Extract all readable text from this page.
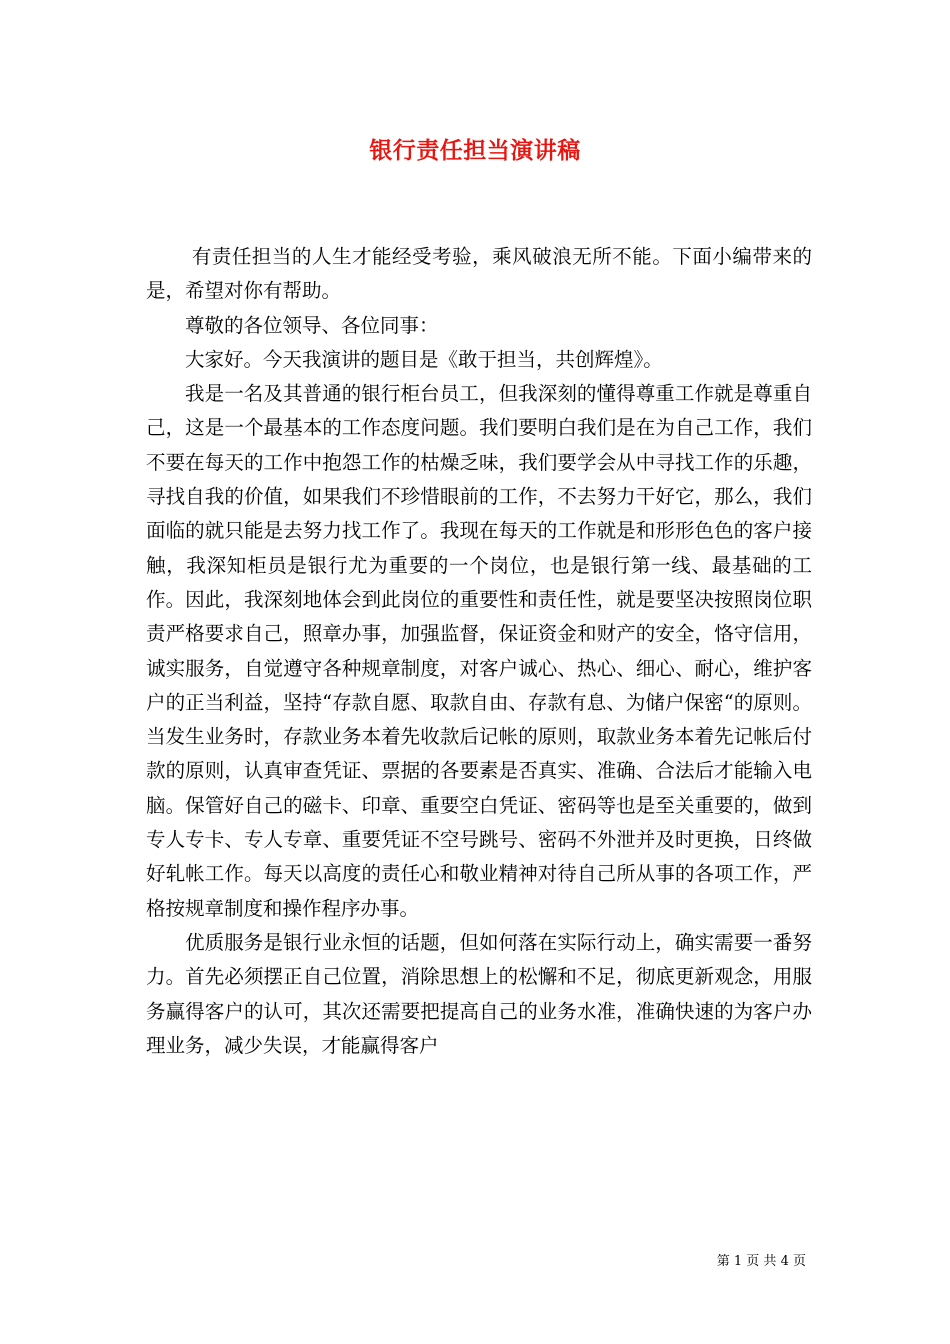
银行责任担当演讲稿

有责任担当的人生才能经受考验，乘风破浪无所不能。下面小编带来的是，希望对你有帮助。

尊敬的各位领导、各位同事：

大家好。今天我演讲的题目是《敢于担当，共创辉煌》。

我是一名及其普通的银行柜台员工，但我深刻的懂得尊重工作就是尊重自己，这是一个最基本的工作态度问题。我们要明白我们是在为自己工作，我们不要在每天的工作中抱怨工作的枯燥乏味，我们要学会从中寻找工作的乐趣，寻找自我的价值，如果我们不珍惜眼前的工作，不去努力干好它，那么，我们面临的就只能是去努力找工作了。我现在每天的工作就是和形形色色的客户接触，我深知柜员是银行尤为重要的一个岗位，也是银行第一线、最基础的工作。因此，我深刻地体会到此岗位的重要性和责任性，就是要坚决按照岗位职责严格要求自己，照章办事，加强监督，保证资金和财产的安全，恪守信用，诚实服务，自觉遵守各种规章制度，对客户诚心、热心、细心、耐心，维护客户的正当利益，坚持“存款自愿、取款自由、存款有息、为储户保密“的原则。当发生业务时，存款业务本着先收款后记帐的原则，取款业务本着先记帐后付款的原则，认真审查凭证、票据的各要素是否真实、准确、合法后才能输入电脑。保管好自己的磁卡、印章、重要空白凭证、密码等也是至关重要的，做到专人专卡、专人专章、重要凭证不空号跳号、密码不外泄并及时更换，日终做好轧帐工作。每天以高度的责任心和敬业精神对待自己所从事的各项工作，严格按规章制度和操作程序办事。

优质服务是银行业永恒的话题，但如何落在实际行动上，确实需要一番努力。首先必须摆正自己位置，消除思想上的松懈和不足，彻底更新观念，用服务赢得客户的认可，其次还需要把提高自己的业务水准，准确快速的为客户办理业务，减少失误，才能赢得客户

第 1 页 共 4 页
